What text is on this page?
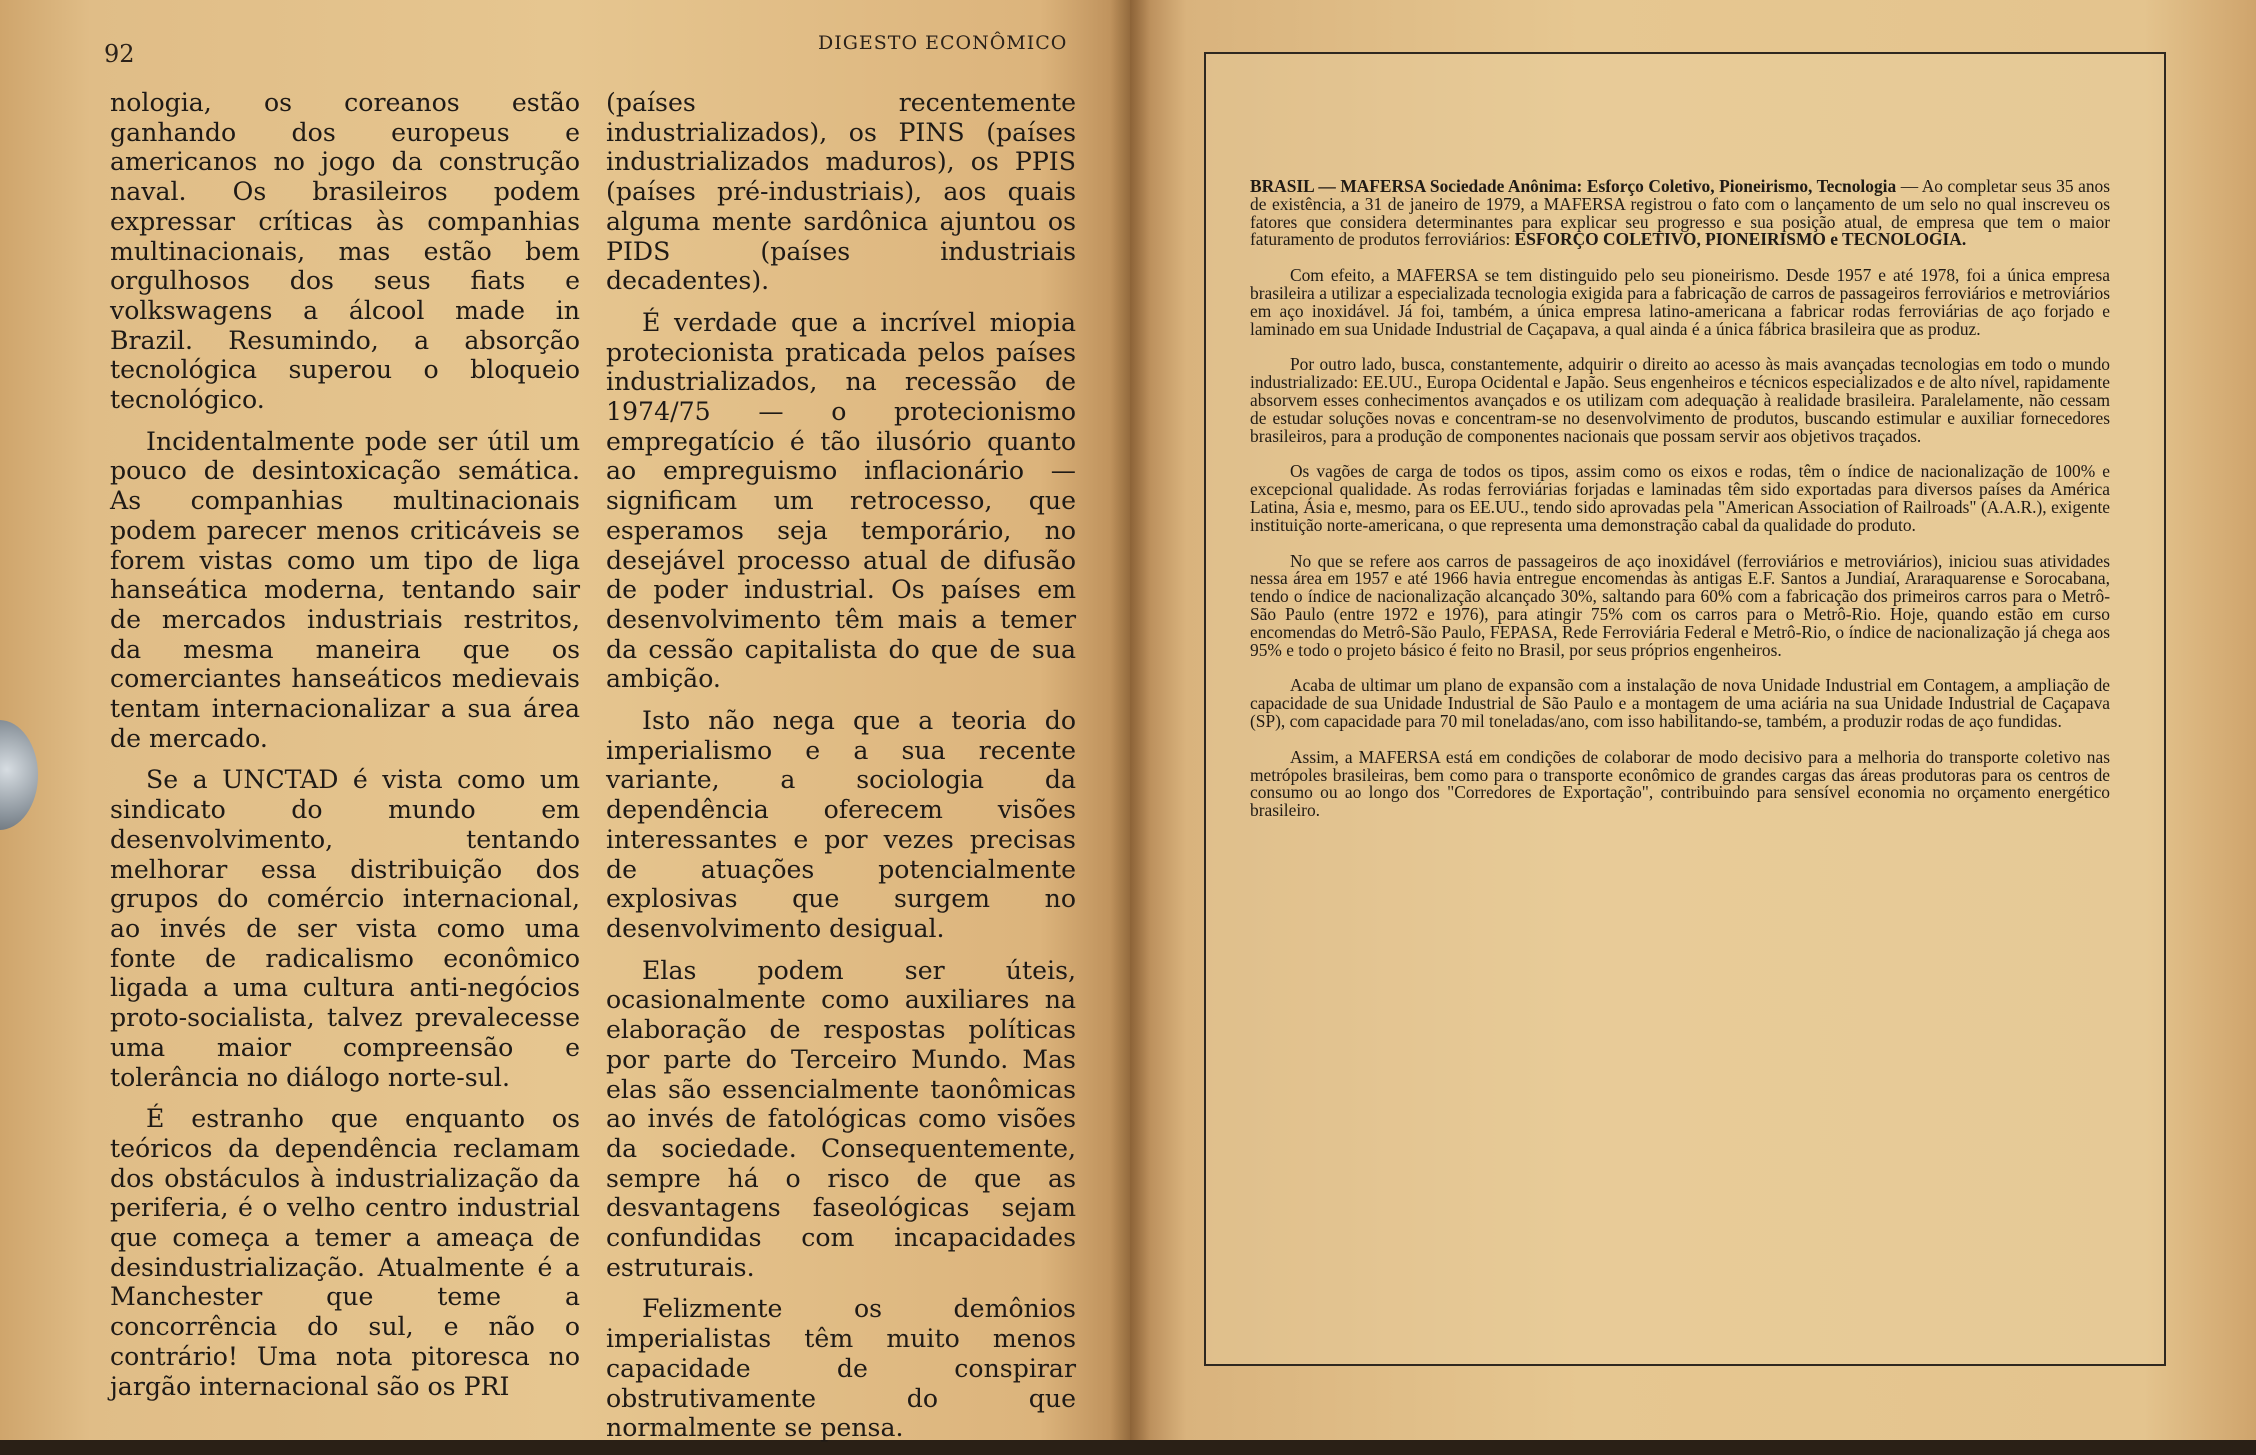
92	DIGESTO ECONÔMICO

nologia, os coreanos estão ganhando dos europeus e americanos no jogo da construção naval. Os brasileiros podem expressar críticas às companhias multinacionais, mas estão bem orgulhosos dos seus fiats e volkswagens a álcool made in Brazil. Resumindo, a absorção tecnológica superou o bloqueio tecnológico.

Incidentalmente pode ser útil um pouco de desintoxicação semática. As companhias multinacionais podem parecer menos criticáveis se forem vistas como um tipo de liga hanseática moderna, tentando sair de mercados industriais restritos, da mesma maneira que os comerciantes hanseáticos medievais tentam internacionalizar a sua área de mercado.

Se a UNCTAD é vista como um sindicato do mundo em desenvolvimento, tentando melhorar essa distribuição dos grupos do comércio internacional, ao invés de ser vista como uma fonte de radicalismo econômico ligada a uma cultura anti-negócios proto-socialista, talvez prevalecesse uma maior compreensão e tolerância no diálogo norte-sul.

É estranho que enquanto os teóricos da dependência reclamam dos obstáculos à industrialização da periferia, é o velho centro industrial que começa a temer a ameaça de desindustrialização. Atualmente é a Manchester que teme a concorrência do sul, e não o contrário! Uma nota pitoresca no jargão internacional são os PRI

(países recentemente industrializados), os PINS (países industrializados maduros), os PPIS (países pré-industriais), aos quais alguma mente sardônica ajuntou os PIDS (países industriais decadentes).

É verdade que a incrível miopia protecionista praticada pelos países industrializados, na recessão de 1974/75 — o protecionismo empregatício é tão ilusório quanto ao empreguismo inflacionário — significam um retrocesso, que esperamos seja temporário, no desejável processo atual de difusão de poder industrial. Os países em desenvolvimento têm mais a temer da cessão capitalista do que de sua ambição.

Isto não nega que a teoria do imperialismo e a sua recente variante, a sociologia da dependência oferecem visões interessantes e por vezes precisas de atuações potencialmente explosivas que surgem no desenvolvimento desigual.

Elas podem ser úteis, ocasionalmente como auxiliares na elaboração de respostas políticas por parte do Terceiro Mundo. Mas elas são essencialmente taonômicas ao invés de fatológicas como visões da sociedade. Consequentemente, sempre há o risco de que as desvantagens faseológicas sejam confundidas com incapacidades estruturais.

Felizmente os demônios imperialistas têm muito menos capacidade de conspirar obstrutivamente do que normalmente se pensa.

BRASIL — MAFERSA Sociedade Anônima: Esforço Coletivo, Pioneirismo, Tecnologia — Ao completar seus 35 anos de existência, a 31 de janeiro de 1979, a MAFERSA registrou o fato com o lançamento de um selo no qual inscreveu os fatores que considera determinantes para explicar seu progresso e sua posição atual, de empresa que tem o maior faturamento de produtos ferroviários: ESFORÇO COLETIVO, PIONEIRISMO e TECNOLOGIA.

Com efeito, a MAFERSA se tem distinguido pelo seu pioneirismo. Desde 1957 e até 1978, foi a única empresa brasileira a utilizar a especializada tecnologia exigida para a fabricação de carros de passageiros ferroviários e metroviários em aço inoxidável. Já foi, também, a única empresa latino-americana a fabricar rodas ferroviárias de aço forjado e laminado em sua Unidade Industrial de Caçapava, a qual ainda é a única fábrica brasileira que as produz.

Por outro lado, busca, constantemente, adquirir o direito ao acesso às mais avançadas tecnologias em todo o mundo industrializado: EE.UU., Europa Ocidental e Japão. Seus engenheiros e técnicos especializados e de alto nível, rapidamente absorvem esses conhecimentos avançados e os utilizam com adequação à realidade brasileira. Paralelamente, não cessam de estudar soluções novas e concentram-se no desenvolvimento de produtos, buscando estimular e auxiliar fornecedores brasileiros, para a produção de componentes nacionais que possam servir aos objetivos traçados.

Os vagões de carga de todos os tipos, assim como os eixos e rodas, têm o índice de nacionalização de 100% e excepcional qualidade. As rodas ferroviárias forjadas e laminadas têm sido exportadas para diversos países da América Latina, Ásia e, mesmo, para os EE.UU., tendo sido aprovadas pela "American Association of Railroads" (A.A.R.), exigente instituição norte-americana, o que representa uma demonstração cabal da qualidade do produto.

No que se refere aos carros de passageiros de aço inoxidável (ferroviários e metroviários), iniciou suas atividades nessa área em 1957 e até 1966 havia entregue encomendas às antigas E.F. Santos a Jundiaí, Araraquarense e Sorocabana, tendo o índice de nacionalização alcançado 30%, saltando para 60% com a fabricação dos primeiros carros para o Metrô-São Paulo (entre 1972 e 1976), para atingir 75% com os carros para o Metrô-Rio. Hoje, quando estão em curso encomendas do Metrô-São Paulo, FEPASA, Rede Ferroviária Federal e Metrô-Rio, o índice de nacionalização já chega aos 95% e todo o projeto básico é feito no Brasil, por seus próprios engenheiros.

Acaba de ultimar um plano de expansão com a instalação de nova Unidade Industrial em Contagem, a ampliação de capacidade de sua Unidade Industrial de São Paulo e a montagem de uma aciária na sua Unidade Industrial de Caçapava (SP), com capacidade para 70 mil toneladas/ano, com isso habilitando-se, também, a produzir rodas de aço fundidas.

Assim, a MAFERSA está em condições de colaborar de modo decisivo para a melhoria do transporte coletivo nas metrópoles brasileiras, bem como para o transporte econômico de grandes cargas das áreas produtoras para os centros de consumo ou ao longo dos "Corredores de Exportação", contribuindo para sensível economia no orçamento energético brasileiro.
